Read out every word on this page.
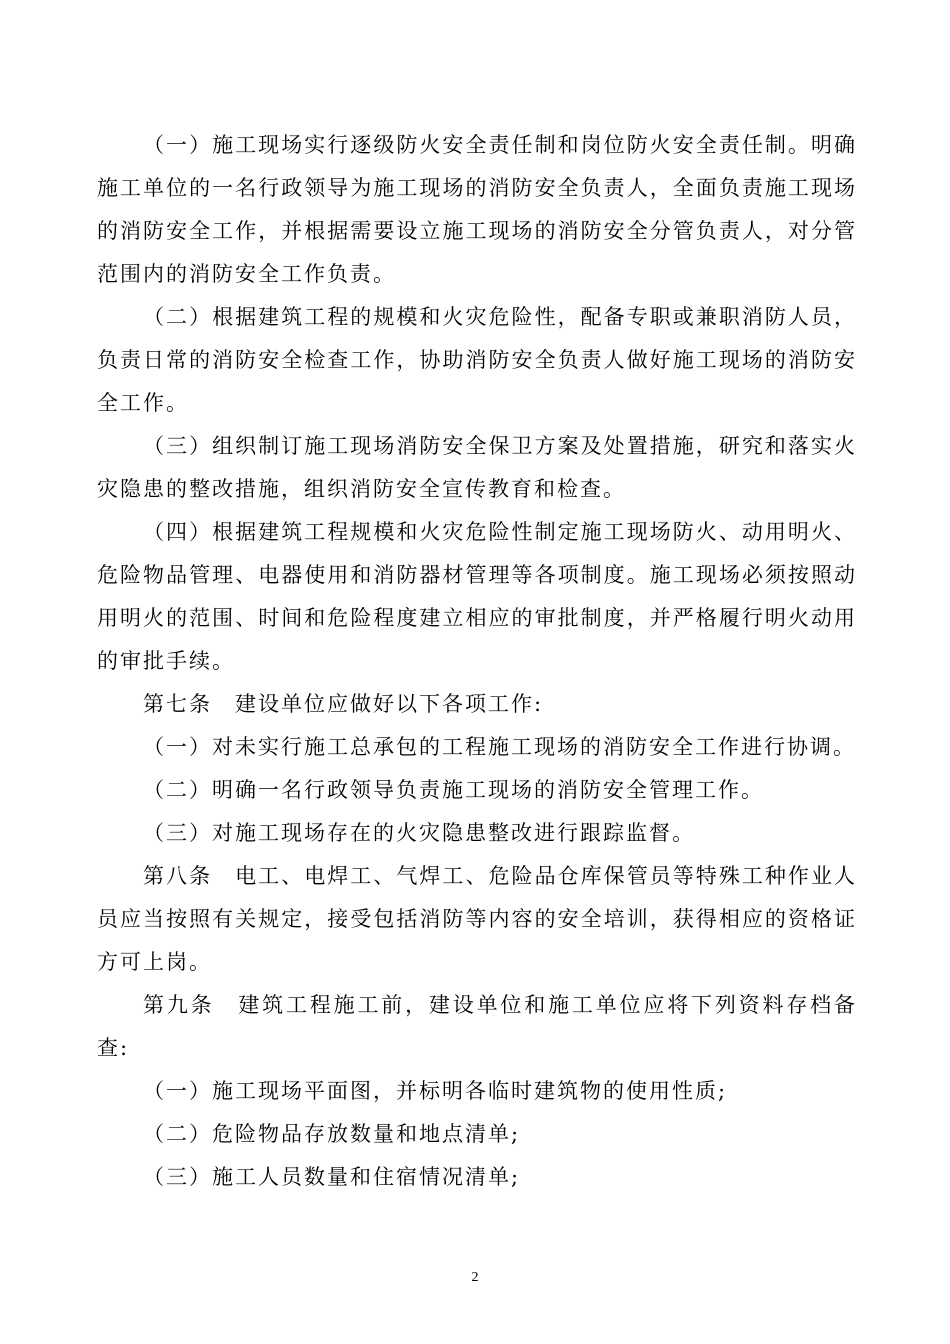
（一）施工现场实行逐级防火安全责任制和岗位防火安全责任制。明确施工单位的一名行政领导为施工现场的消防安全负责人，全面负责施工现场的消防安全工作，并根据需要设立施工现场的消防安全分管负责人，对分管范围内的消防安全工作负责。

（二）根据建筑工程的规模和火灾危险性，配备专职或兼职消防人员，负责日常的消防安全检查工作，协助消防安全负责人做好施工现场的消防安全工作。

（三）组织制订施工现场消防安全保卫方案及处置措施，研究和落实火灾隐患的整改措施，组织消防安全宣传教育和检查。

（四）根据建筑工程规模和火灾危险性制定施工现场防火、动用明火、危险物品管理、电器使用和消防器材管理等各项制度。施工现场必须按照动用明火的范围、时间和危险程度建立相应的审批制度，并严格履行明火动用的审批手续。

第七条　建设单位应做好以下各项工作:

（一）对未实行施工总承包的工程施工现场的消防安全工作进行协调。

（二）明确一名行政领导负责施工现场的消防安全管理工作。

（三）对施工现场存在的火灾隐患整改进行跟踪监督。

第八条　电工、电焊工、气焊工、危险品仓库保管员等特殊工种作业人员应当按照有关规定，接受包括消防等内容的安全培训，获得相应的资格证方可上岗。

第九条　建筑工程施工前，建设单位和施工单位应将下列资料存档备查:

（一）施工现场平面图，并标明各临时建筑物的使用性质;

（二）危险物品存放数量和地点清单;

（三）施工人员数量和住宿情况清单;

2
